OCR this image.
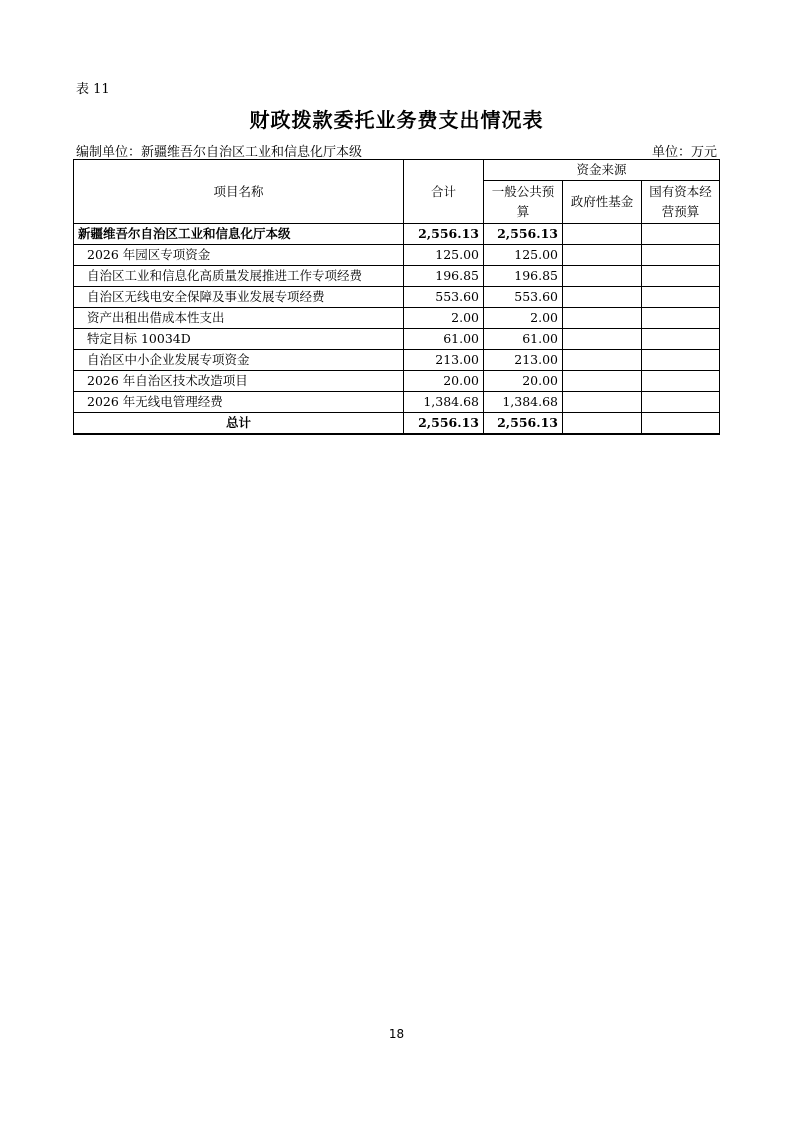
表 11
财政拨款委托业务费支出情况表
编制单位：新疆维吾尔自治区工业和信息化厅本级	单位：万元
项目名称	合计	资金来源		
		一般公共预算	政府性基金	国有资本经营预算
新疆维吾尔自治区工业和信息化厅本级	2,556.13	2,556.13		
2026 年园区专项资金	125.00	125.00		
自治区工业和信息化高质量发展推进工作专项经费	196.85	196.85		
自治区无线电安全保障及事业发展专项经费	553.60	553.60		
资产出租出借成本性支出	2.00	2.00		
特定目标 10034D	61.00	61.00		
自治区中小企业发展专项资金	213.00	213.00		
2026 年自治区技术改造项目	20.00	20.00		
2026 年无线电管理经费	1,384.68	1,384.68		
总计	2,556.13	2,556.13		
18
